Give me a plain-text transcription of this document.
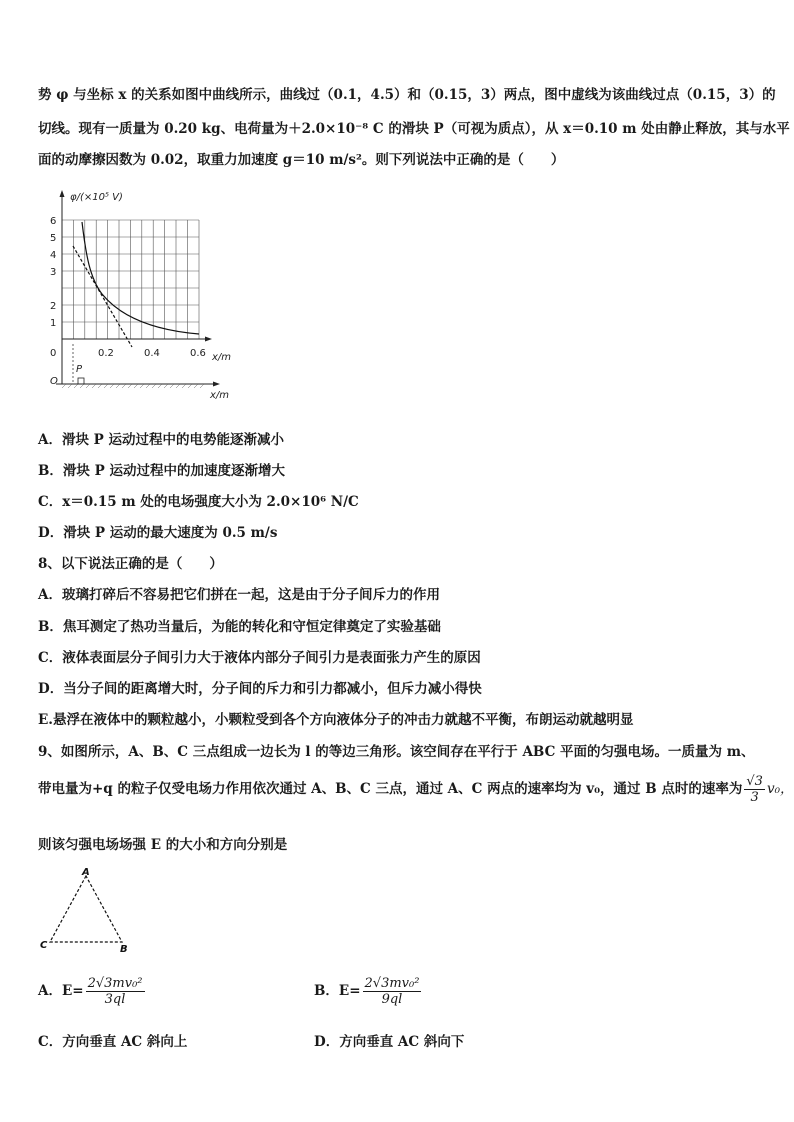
势 φ 与坐标 x 的关系如图中曲线所示，曲线过（0.1，4.5）和（0.15，3）两点，图中虚线为该曲线过点（0.15，3）的
切线。现有一质量为 0.20 kg、电荷量为＋2.0×10⁻⁸ C 的滑块 P（可视为质点），从 x＝0.10 m 处由静止释放，其与水平
面的动摩擦因数为 0.02，取重力加速度 g＝10 m/s²。则下列说法中正确的是（　　）
φ/(×10⁵ V)
6
5
4
3
2
1
0	0.2	0.4	0.6 x/m
P
O
x/m
A．滑块 P 运动过程中的电势能逐渐减小
B．滑块 P 运动过程中的加速度逐渐增大
C．x＝0.15 m 处的电场强度大小为 2.0×10⁶ N/C
D．滑块 P 运动的最大速度为 0.5 m/s
8、以下说法正确的是（　　）
A．玻璃打碎后不容易把它们拼在一起，这是由于分子间斥力的作用
B．焦耳测定了热功当量后，为能的转化和守恒定律奠定了实验基础
C．液体表面层分子间引力大于液体内部分子间引力是表面张力产生的原因
D．当分子间的距离增大时，分子间的斥力和引力都减小，但斥力减小得快
E.悬浮在液体中的颗粒越小，小颗粒受到各个方向液体分子的冲击力就越不平衡，布朗运动就越明显
9、如图所示，A、B、C 三点组成一边长为 l 的等边三角形。该空间存在平行于 ABC 平面的匀强电场。一质量为 m、
带电量为+q 的粒子仅受电场力作用依次通过 A、B、C 三点，通过 A、C 两点的速率均为 v₀，通过 B 点时的速率为 $\frac{√3}{3} v_0$，
则该匀强电场场强 E 的大小和方向分别是
A
C	B
A．$E= \frac{\text{2√3mv₀²}}{3ql}$	B．$E= \frac{\text{2√3mv₀²}}{9ql}$
C．方向垂直 AC 斜向上	D．方向垂直 AC 斜向下
